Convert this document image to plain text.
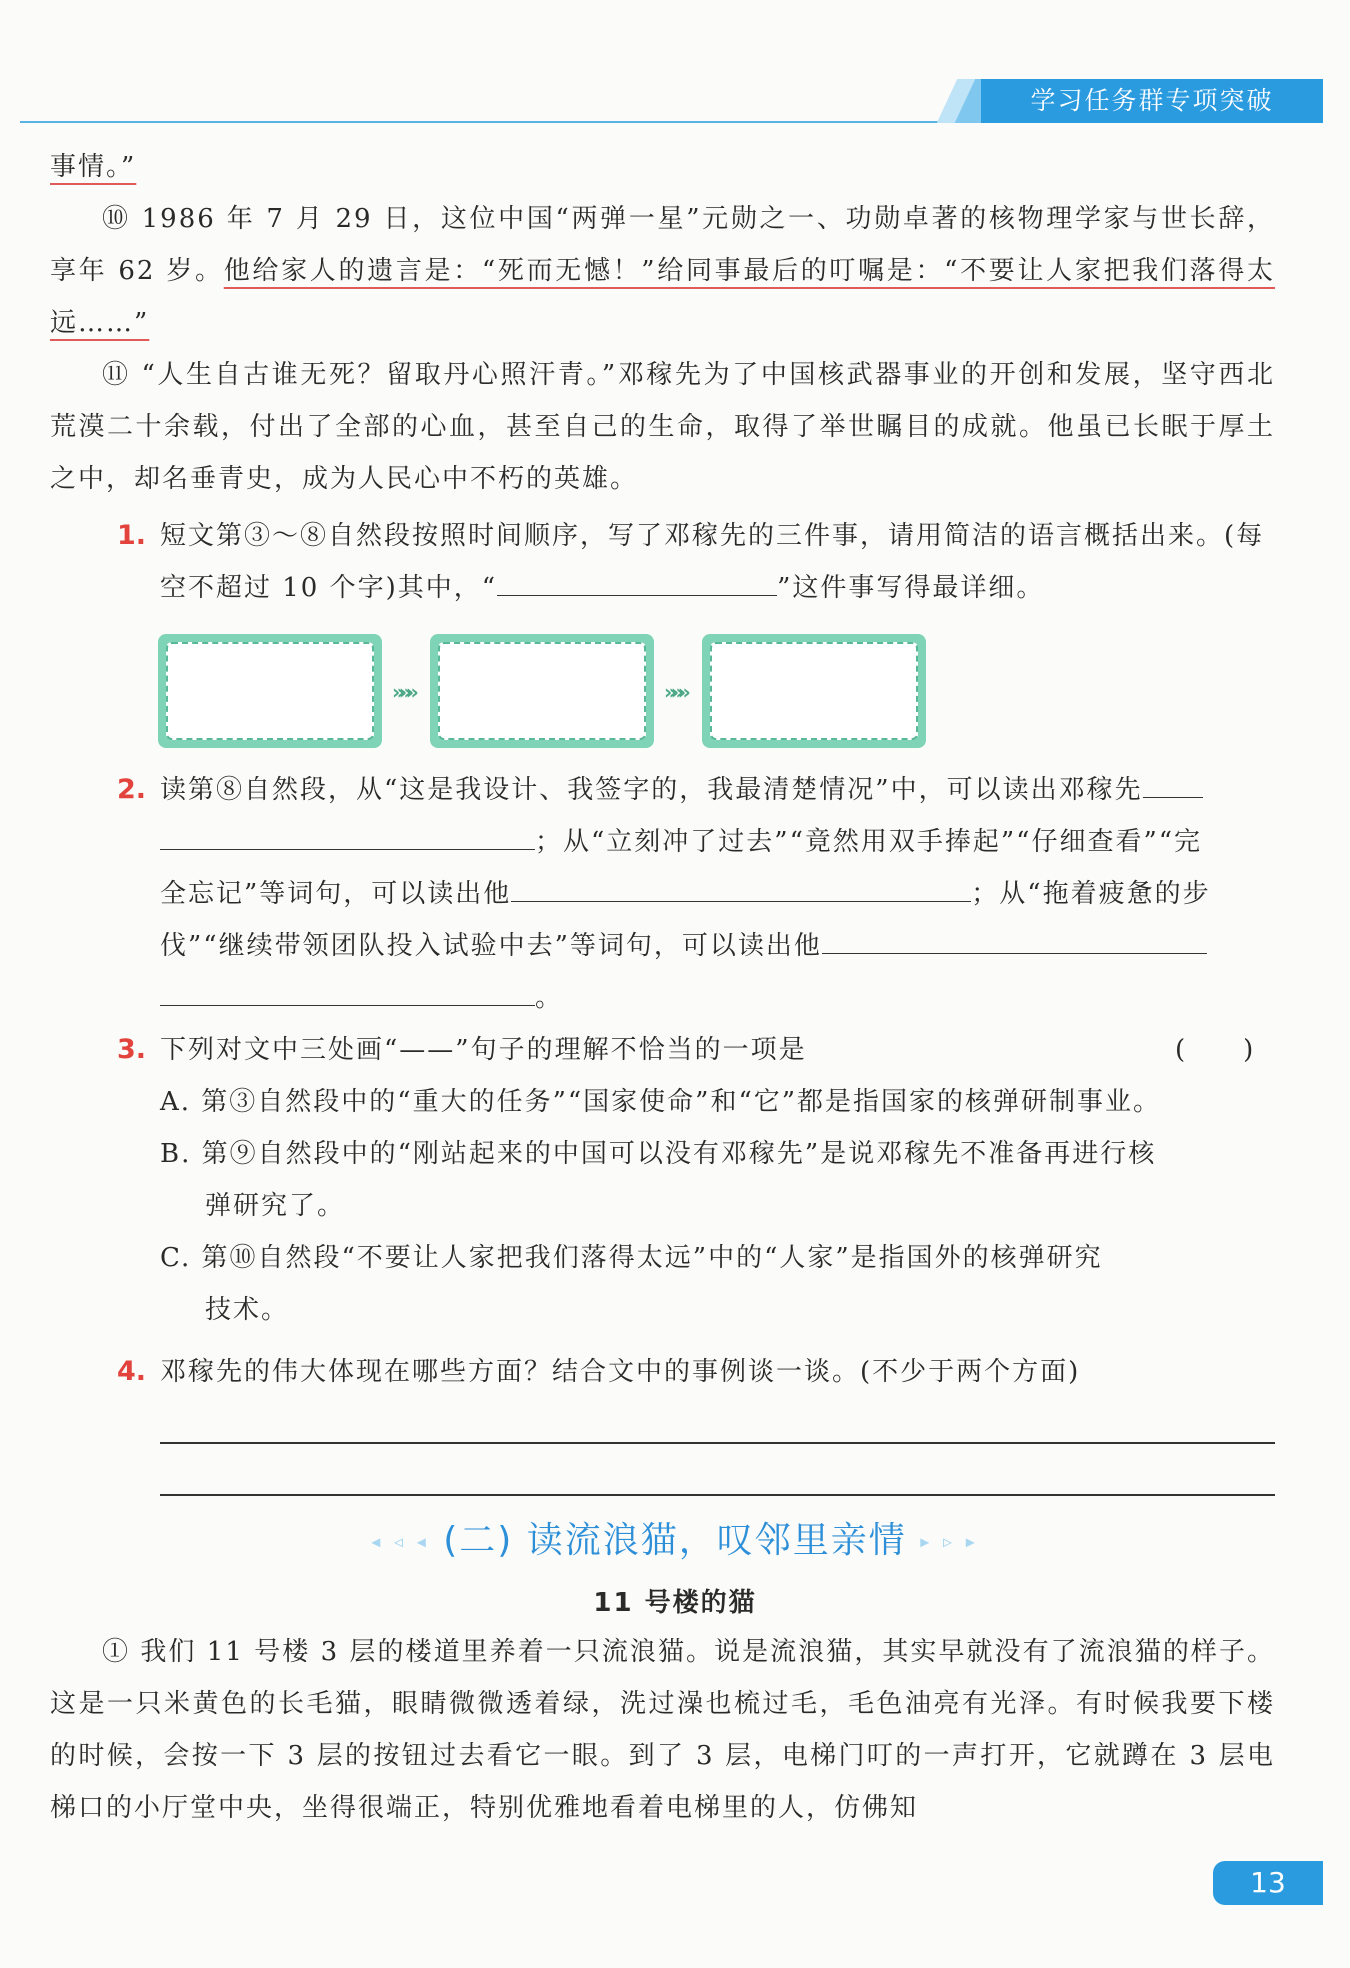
学习任务群专项突破
事情。”
⑩ 1986 年 7 月 29 日，这位中国“两弹一星”元勋之一、功勋卓著的核物理学家与世长辞，享年 62 岁。他给家人的遗言是：“死而无憾！”给同事最后的叮嘱是：“不要让人家把我们落得太远……”
⑪ “人生自古谁无死？留取丹心照汗青。”邓稼先为了中国核武器事业的开创和发展，坚守西北荒漠二十余载，付出了全部的心血，甚至自己的生命，取得了举世瞩目的成就。他虽已长眠于厚土之中，却名垂青史，成为人民心中不朽的英雄。
1. 短文第③～⑧自然段按照时间顺序，写了邓稼先的三件事，请用简洁的语言概括出来。(每空不超过 10 个字)其中，“	”这件事写得最详细。
»»»	»»»
2. 读第⑧自然段，从“这是我设计、我签字的，我最清楚情况”中，可以读出邓稼先
；从“立刻冲了过去”“竟然用双手捧起”“仔细查看”“完
全忘记”等词句，可以读出他	；从“拖着疲惫的步
伐”“继续带领团队投入试验中去”等词句，可以读出他
。
3. 下列对文中三处画“——”句子的理解不恰当的一项是	(　　)
A. 第③自然段中的“重大的任务”“国家使命”和“它”都是指国家的核弹研制事业。
B. 第⑨自然段中的“刚站起来的中国可以没有邓稼先”是说邓稼先不准备再进行核
弹研究了。
C. 第⑩自然段“不要让人家把我们落得太远”中的“人家”是指国外的核弹研究
技术。
4. 邓稼先的伟大体现在哪些方面？结合文中的事例谈一谈。(不少于两个方面)
◂ ◃ ◂ (二) 读流浪猫，叹邻里亲情 ▸ ▹ ▸
11 号楼的猫
① 我们 11 号楼 3 层的楼道里养着一只流浪猫。说是流浪猫，其实早就没有了流浪猫的样子。这是一只米黄色的长毛猫，眼睛微微透着绿，洗过澡也梳过毛，毛色油亮有光泽。有时候我要下楼的时候，会按一下 3 层的按钮过去看它一眼。到了 3 层，电梯门叮的一声打开，它就蹲在 3 层电梯口的小厅堂中央，坐得很端正，特别优雅地看着电梯里的人，仿佛知
13
